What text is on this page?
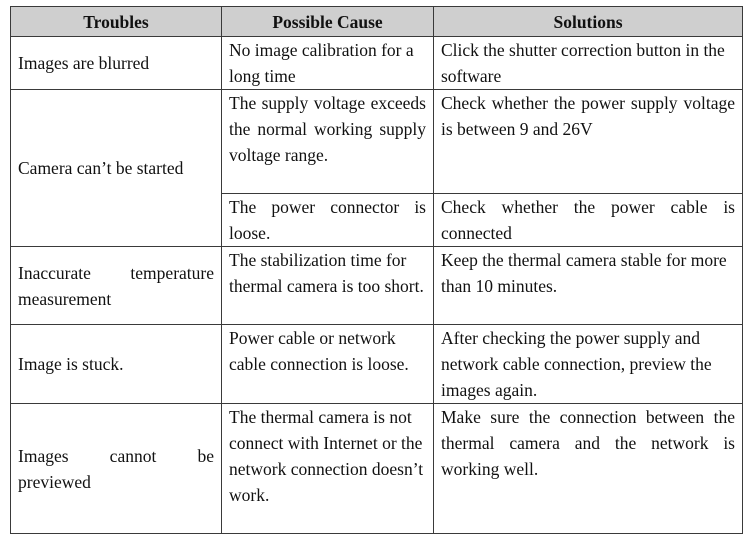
Troubles	Possible Cause	Solutions
Images are blurred	No image calibration for a long time	Click the shutter correction button in the software
Camera can’t be started	The supply voltage exceeds the normal working supply voltage range.	Check whether the power supply voltage is between 9 and 26V
	The power connector is loose.	Check whether the power cable is connected
Inaccurate temperature measurement	The stabilization time for thermal camera is too short.	Keep the thermal camera stable for more than 10 minutes.
Image is stuck.	Power cable or network cable connection is loose.	After checking the power supply and network cable connection, preview the images again.
Images cannot be previewed	The thermal camera is not connect with Internet or the network connection doesn’t work.	Make sure the connection between the thermal camera and the network is working well.
